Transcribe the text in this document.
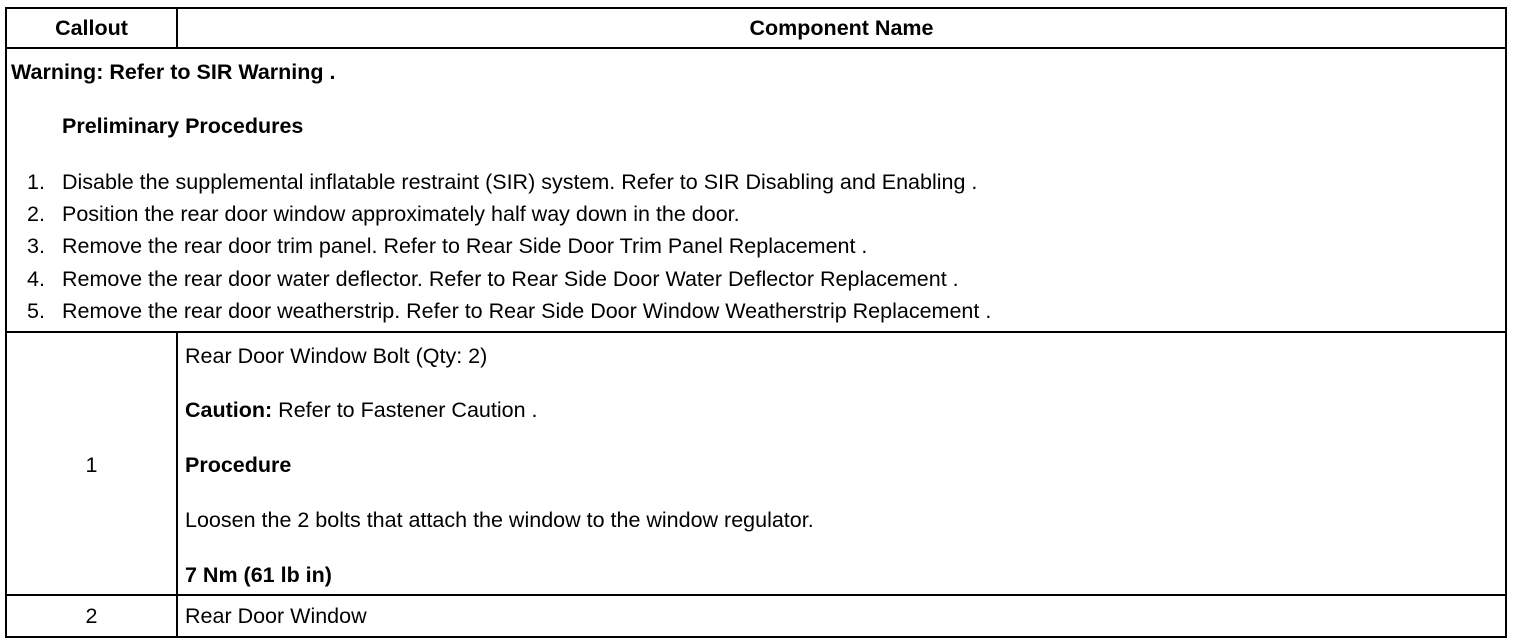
Callout	Component Name
Warning: Refer to SIR Warning .
Preliminary Procedures
1. Disable the supplemental inflatable restraint (SIR) system. Refer to SIR Disabling and Enabling .
2. Position the rear door window approximately half way down in the door.
3. Remove the rear door trim panel. Refer to Rear Side Door Trim Panel Replacement .
4. Remove the rear door water deflector. Refer to Rear Side Door Water Deflector Replacement .
5. Remove the rear door weatherstrip. Refer to Rear Side Door Window Weatherstrip Replacement .
1
Rear Door Window Bolt (Qty: 2)
Caution: Refer to Fastener Caution .
Procedure
Loosen the 2 bolts that attach the window to the window regulator.
7 Nm (61 lb in)
2	Rear Door Window
